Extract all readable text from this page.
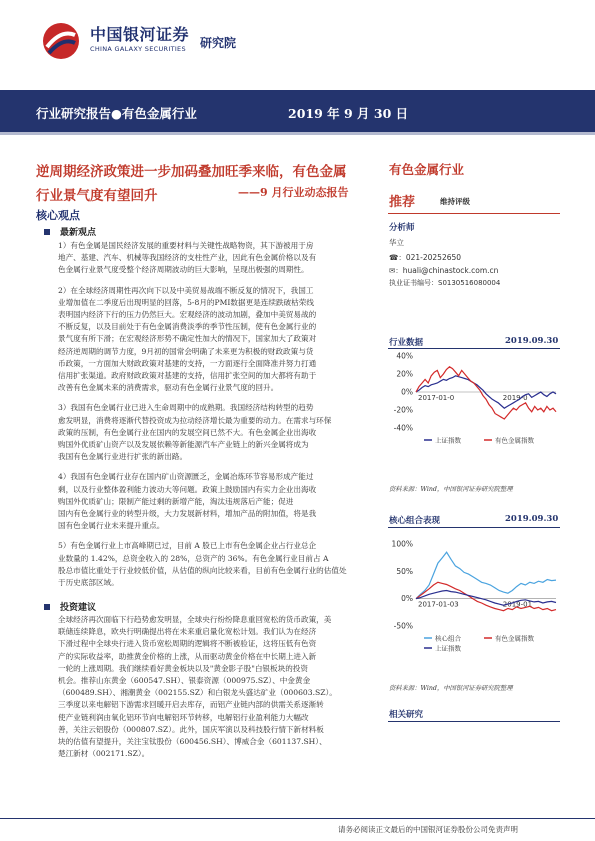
中国银河证券
CHINA GALAXY SECURITIES 研究院
行业研究报告●有色金属行业	2019 年 9 月 30 日
逆周期经济政策进一步加码叠加旺季来临，有色金属
行业景气度有望回升	——9 月行业动态报告
核心观点
最新观点
1）有色金属是国民经济发展的重要材料与关键性战略物资，其下游被用于房
地产、基建、汽车、机械等我国经济的支柱性产业，因此有色金属价格以及有
色金属行业景气度受整个经济周期波动的巨大影响，呈现出极强的周期性。
2）在全球经济周期性再次向下以及中美贸易战端不断反复的情况下，我国工
业增加值在二季度后出现明显的回落，5-8月的PMI数据更是连续跌破枯荣线
表明国内经济下行的压力仍然巨大。宏观经济的波动加剧，叠加中美贸易战的
不断反复，以及目前处于有色金属消费淡季的季节性压制，使有色金属行业的
景气度有所下滑；在宏观经济形势不确定性加大的情况下，国家加大了政策对
经济逆周期的调节力度，9月初的国常会明确了未来更为积极的财政政策与货
币政策，一方面加大财政政策对基建的支持，一方面逐行全面降准并努力打通
信用扩张渠道。政府财政政策对基建的支持，信用扩张空间的加大都将有助于
改善有色金属未来的消费需求，驱动有色金属行业景气度的回升。
3）我国有色金属行业已进入生命周期中的成熟期。我国经济结构转型的趋势
愈发明显，消费将逐渐代替投资成为拉动经济增长最为重要的动力。在需求与环保
政策的压制，有色金属行业在国内的发展空间已然不大。有色金属企业出海收
购国外优质矿山资产以及发展依赖等新能源汽车产业链上的新兴金属将成为
我国有色金属行业进行扩张的新出路。
4）我国有色金属行业存在国内矿山资源匮乏，金属冶炼环节容易形成产能过
剩，以及行业整体盈利能力波动大等问题。政策上鼓励国内有实力企业出海收
购国外优质矿山；限制产能过剩的新增产能，淘汰违规落后产能；促进
国内有色金属行业的转型升级，大力发展新材料，增加产品的附加值，将是我
国有色金属行业未来提升重点。
5）有色金属行业上市高峰期已过，目前 A 股已上市有色金属企业占行业总企
业数量的 1.42%，总资金收入的 28%，总资产的 36%。有色金属行业目前占 A
股总市值比重处于行业较低价值，从估值的纵向比较来看，目前有色金属行业的估值处
于历史底部区域。
投资建议
全球经济再次面临下行趋势愈发明显，全球央行纷纷降息重回宽松的货币政策，美
联储连续降息，欧央行明确提出将在未来重启量化宽松计划。我们认为在经济
下滑过程中全球央行进入货币宽松周期的逻辑将不断被验证，这将压低有色资
产的实际收益率，助推黄金价格的上涨，从而驱动黄金价格在中长期上进入新
一轮的上涨周期。我们继续看好黄金板块以及"黄金影子股"白银板块的投资
机会。推荐山东黄金（600547.SH）、银泰资源（000975.SZ）、中金黄金
（600489.SH）、湘潮黄金（002155.SZ）和白银龙头盛达矿业（000603.SZ）。
三季度以来电解铝下游需求回暖开启去库存，而铝产业链内部的供需关系逐渐转
使产业链利润由氧化铝环节向电解铝环节转移，电解铝行业盈利能力大幅改
善，关注云铝股份（000807.SZ）。此外，国庆军演以及科技股行情下新材料板
块的估值有望提升，关注宝钛股份（600456.SH）、博威合金（601137.SH）、
楚江新材（002171.SZ）。
有色金属行业
推荐	维持评级
分析师
华立
☎：021-20252650
✉：huali@chinastock.com.cn
执业证书编号：S0130516080004
行业数据	2019.09.30
40%
20%
0%
-20%
-40%
2017-01-0	2019-0
上证指数	有色金属指数
资料来源：Wind，中国银河证券研究院整理
核心组合表现	2019.09.30
100%
50%
0%
-50%
2017-01-03	2019-01
核心组合	有色金属指数
上证指数
资料来源：Wind，中国银河证券研究院整理
相关研究
请务必阅读正文最后的中国银河证券股份公司免责声明
